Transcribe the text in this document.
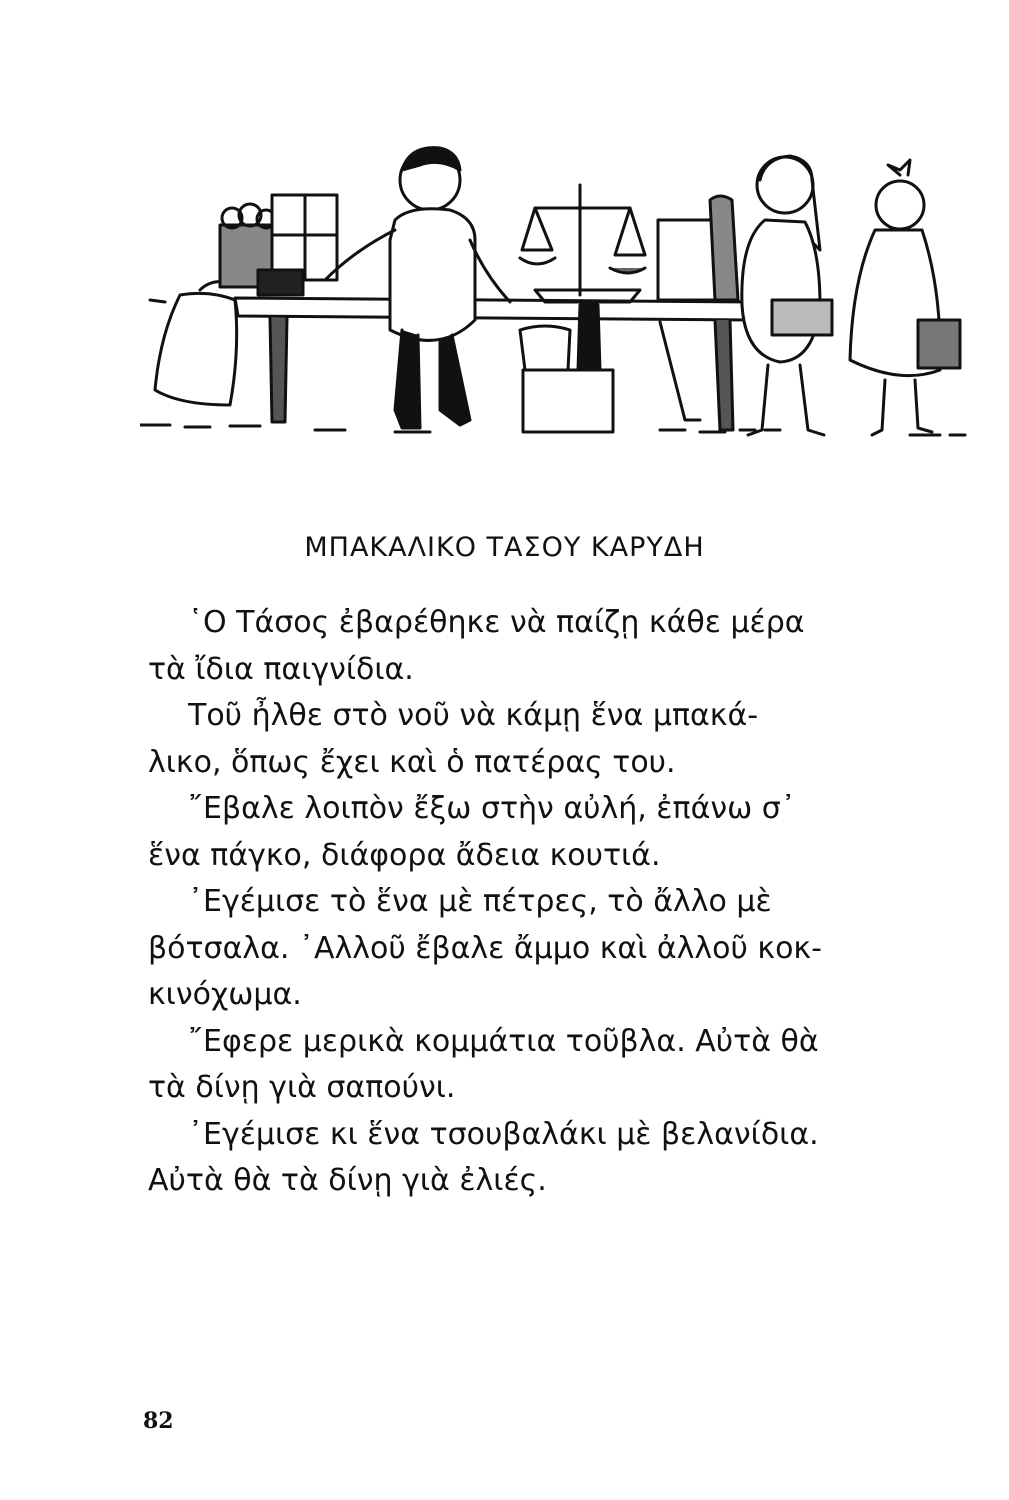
ΜΠΑΚΑΛΙΚΟ ΤΑΣΟΥ ΚΑΡΥΔΗ
῾Ο Τάσος ἐβαρέθηκε νὰ παίζῃ κάθε μέρα
τὰ ἴδια παιγνίδια.
Τοῦ ἦλθε στὸ νοῦ νὰ κάμῃ ἕνα μπακά-
λικο, ὅπως ἔχει καὶ ὁ πατέρας του.
῎Εβαλε λοιπὸν ἔξω στὴν αὐλή, ἐπάνω σ᾽
ἕνα πάγκο, διάφορα ἄδεια κουτιά.
᾽Εγέμισε τὸ ἕνα μὲ πέτρες, τὸ ἄλλο μὲ
βότσαλα. ᾽Αλλοῦ ἔβαλε ἄμμο καὶ ἀλλοῦ κοκ-
κινόχωμα.
῎Εφερε μερικὰ κομμάτια τοῦβλα. Αὐτὰ θὰ
τὰ δίνῃ γιὰ σαπούνι.
᾽Εγέμισε κι ἕνα τσουβαλάκι μὲ βελανίδια.
Αὐτὰ θὰ τὰ δίνῃ γιὰ ἐλιές.
82
